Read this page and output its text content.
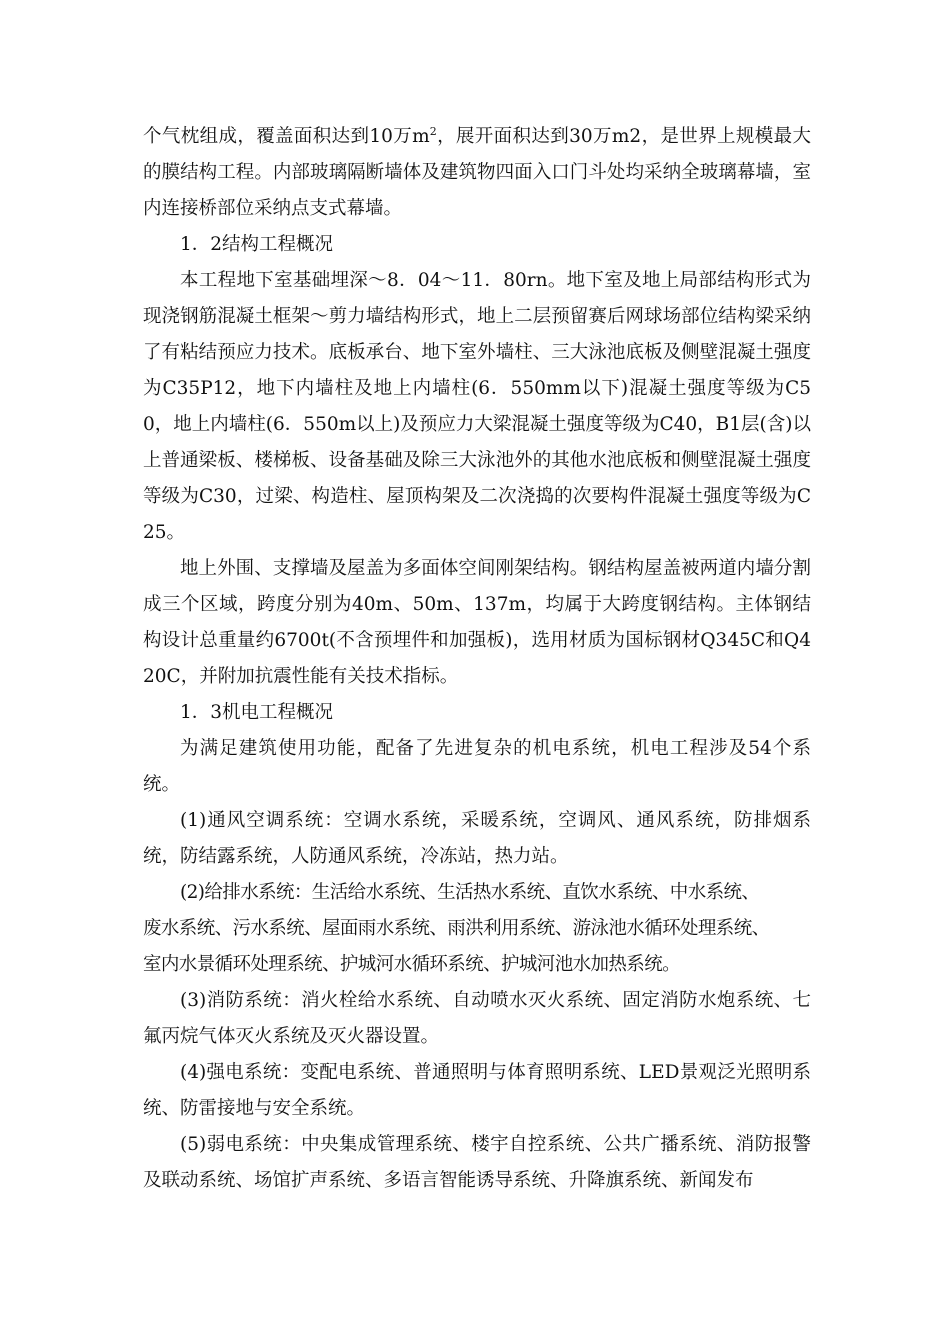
个气枕组成，覆盖面积达到10万$m^2$，展开面积达到30万m2，是世界上规模最大的膜结构工程。内部玻璃隔断墙体及建筑物四面入口门斗处均采纳全玻璃幕墙，室内连接桥部位采纳点支式幕墙。

1．2结构工程概况

本工程地下室基础埋深～8．04～11．80rn。地下室及地上局部结构形式为现浇钢筋混凝土框架～剪力墙结构形式，地上二层预留赛后网球场部位结构梁采纳了有粘结预应力技术。底板承台、地下室外墙柱、三大泳池底板及侧壁混凝土强度为C35P12，地下内墙柱及地上内墙柱(6．550mm以下)混凝土强度等级为C50，地上内墙柱(6．550m以上)及预应力大梁混凝土强度等级为C40，B1层(含)以上普通梁板、楼梯板、设备基础及除三大泳池外的其他水池底板和侧壁混凝土强度等级为C30，过梁、构造柱、屋顶构架及二次浇捣的次要构件混凝土强度等级为C25。

地上外围、支撑墙及屋盖为多面体空间刚架结构。钢结构屋盖被两道内墙分割成三个区域，跨度分别为40m、50m、137m，均属于大跨度钢结构。主体钢结构设计总重量约6700t(不含预埋件和加强板)，选用材质为国标钢材Q345C和Q420C，并附加抗震性能有关技术指标。

1．3机电工程概况

为满足建筑使用功能，配备了先进复杂的机电系统，机电工程涉及54个系统。

(1)通风空调系统：空调水系统，采暖系统，空调风、通风系统，防排烟系统，防结露系统，人防通风系统，冷冻站，热力站。

(2)给排水系统：生活给水系统、生活热水系统、直饮水系统、中水系统、

废水系统、污水系统、屋面雨水系统、雨洪利用系统、游泳池水循环处理系统、

室内水景循环处理系统、护城河水循环系统、护城河池水加热系统。

(3)消防系统：消火栓给水系统、自动喷水灭火系统、固定消防水炮系统、七氟丙烷气体灭火系统及灭火器设置。

(4)强电系统：变配电系统、普通照明与体育照明系统、LED景观泛光照明系统、防雷接地与安全系统。

(5)弱电系统：中央集成管理系统、楼宇自控系统、公共广播系统、消防报警及联动系统、场馆扩声系统、多语言智能诱导系统、升降旗系统、新闻发布
